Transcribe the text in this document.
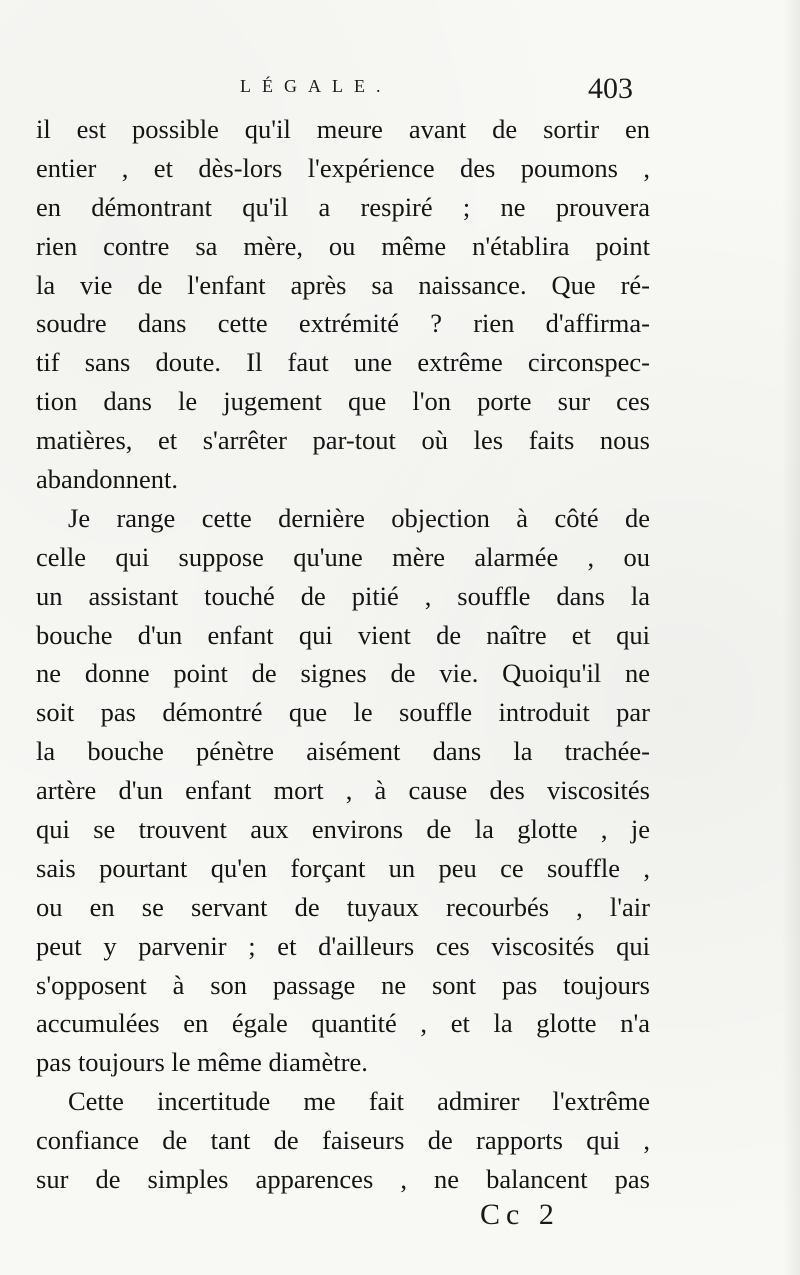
LÉGALE.	403
il est possible qu'il meure avant de sortir en
entier , et dès-lors l'expérience des poumons ,
en démontrant qu'il a respiré ; ne prouvera
rien contre sa mère, ou même n'établira point
la vie de l'enfant après sa naissance. Que ré-
soudre dans cette extrémité ? rien d'affirma-
tif sans doute. Il faut une extrême circonspec-
tion dans le jugement que l'on porte sur ces
matières, et s'arrêter par-tout où les faits nous
abandonnent.
Je range cette dernière objection à côté de
celle qui suppose qu'une mère alarmée , ou
un assistant touché de pitié , souffle dans la
bouche d'un enfant qui vient de naître et qui
ne donne point de signes de vie. Quoiqu'il ne
soit pas démontré que le souffle introduit par
la bouche pénètre aisément dans la trachée-
artère d'un enfant mort , à cause des viscosités
qui se trouvent aux environs de la glotte , je
sais pourtant qu'en forçant un peu ce souffle ,
ou en se servant de tuyaux recourbés , l'air
peut y parvenir ; et d'ailleurs ces viscosités qui
s'opposent à son passage ne sont pas toujours
accumulées en égale quantité , et la glotte n'a
pas toujours le même diamètre.
Cette incertitude me fait admirer l'extrême
confiance de tant de faiseurs de rapports qui ,
sur de simples apparences , ne balancent pas
Cc 2
